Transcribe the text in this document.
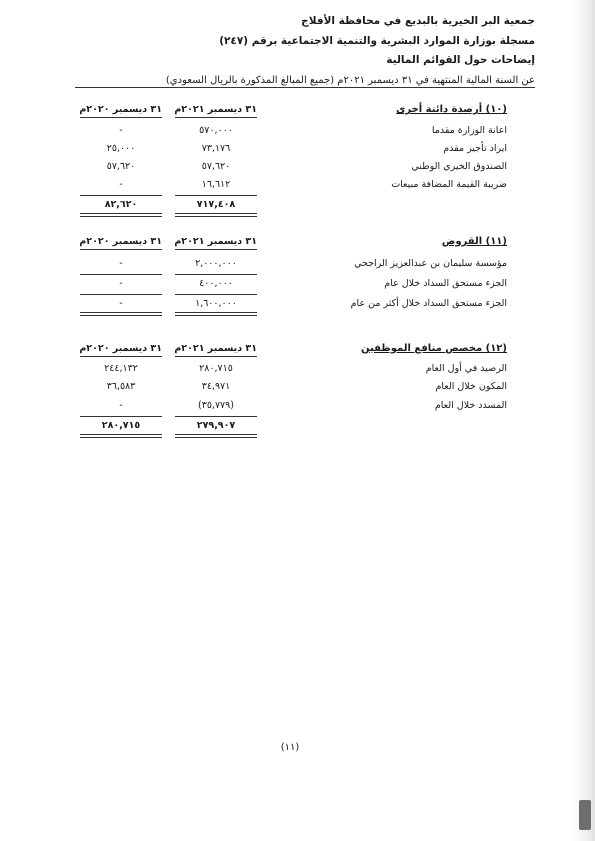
جمعية البر الخيرية بالبديع في محافظة الأفلاج
مسجلة بوزارة الموارد البشرية والتنمية الاجتماعية برقم (٢٤٧)
إيضاحات حول القوائم المالية
عن السنة المالية المنتهية في ٣١ ديسمبر ٢٠٢١م (جميع المبالغ المذكورة بالريال السعودي)
(١٠) أرصدة دائنة أخرى
٣١ ديسمبر ٢٠٢١م
٣١ ديسمبر ٢٠٢٠م
اعانة الوزارة مقدما
٥٧٠,٠٠٠
-
ايراد تأجير مقدم
٧٣,١٧٦
٢٥,٠٠٠
الصندوق الخيري الوطني
٥٧,٦٢٠
٥٧,٦٢٠
ضريبة القيمة المضافة مبيعات
١٦,٦١٢
-
٧١٧,٤٠٨
٨٢,٦٢٠
(١١) القروض
٣١ ديسمبر ٢٠٢١م
٣١ ديسمبر ٢٠٢٠م
مؤسسة سليمان بن عبدالعزيز الراجحي
٢,٠٠٠,٠٠٠
-
الجزء مستحق السداد خلال عام
٤٠٠,٠٠٠
-
الجزء مستحق السداد خلال أكثر من عام
١,٦٠٠,٠٠٠
-
(١٢) مخصص منافع الموظفين
٣١ ديسمبر ٢٠٢١م
٣١ ديسمبر ٢٠٢٠م
الرصيد في أول العام
٢٨٠,٧١٥
٢٤٤,١٣٢
المكون خلال العام
٣٤,٩٧١
٣٦,٥٨٣
المسدد خلال العام
(٣٥,٧٧٩)
-
٢٧٩,٩٠٧
٢٨٠,٧١٥
(١١)
